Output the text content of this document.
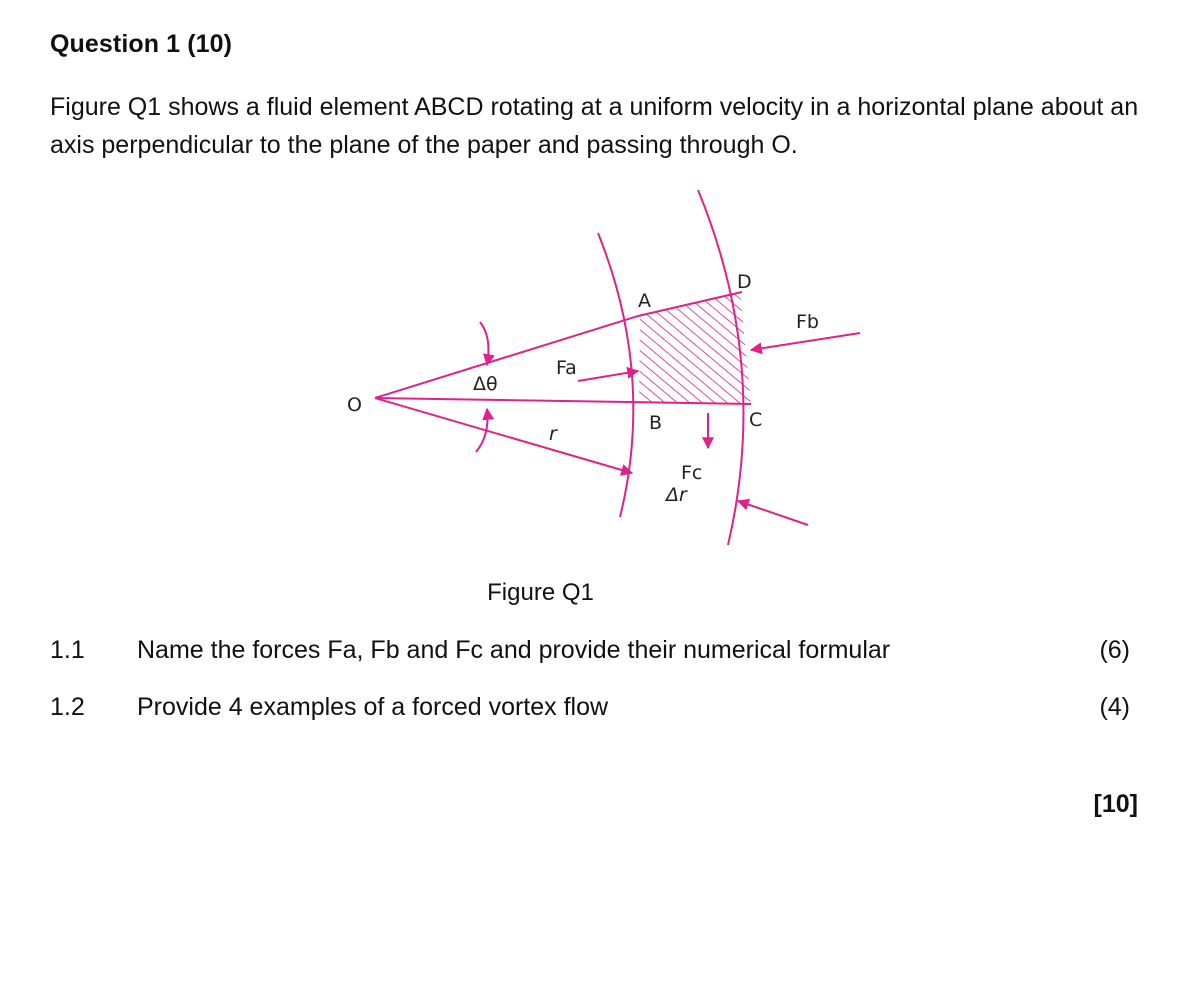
Question 1 (10)
Figure Q1 shows a fluid element ABCD rotating at a uniform velocity in a horizontal plane about an axis perpendicular to the plane of the paper and passing through O.
O
A
B	C
D
Fa
Fb
Fc
Δθ
r
Δr
Figure Q1
1.1 Name the forces Fa, Fb and Fc and provide their numerical formular	(6)
1.2 Provide 4 examples of a forced vortex flow	(4)
[10]
